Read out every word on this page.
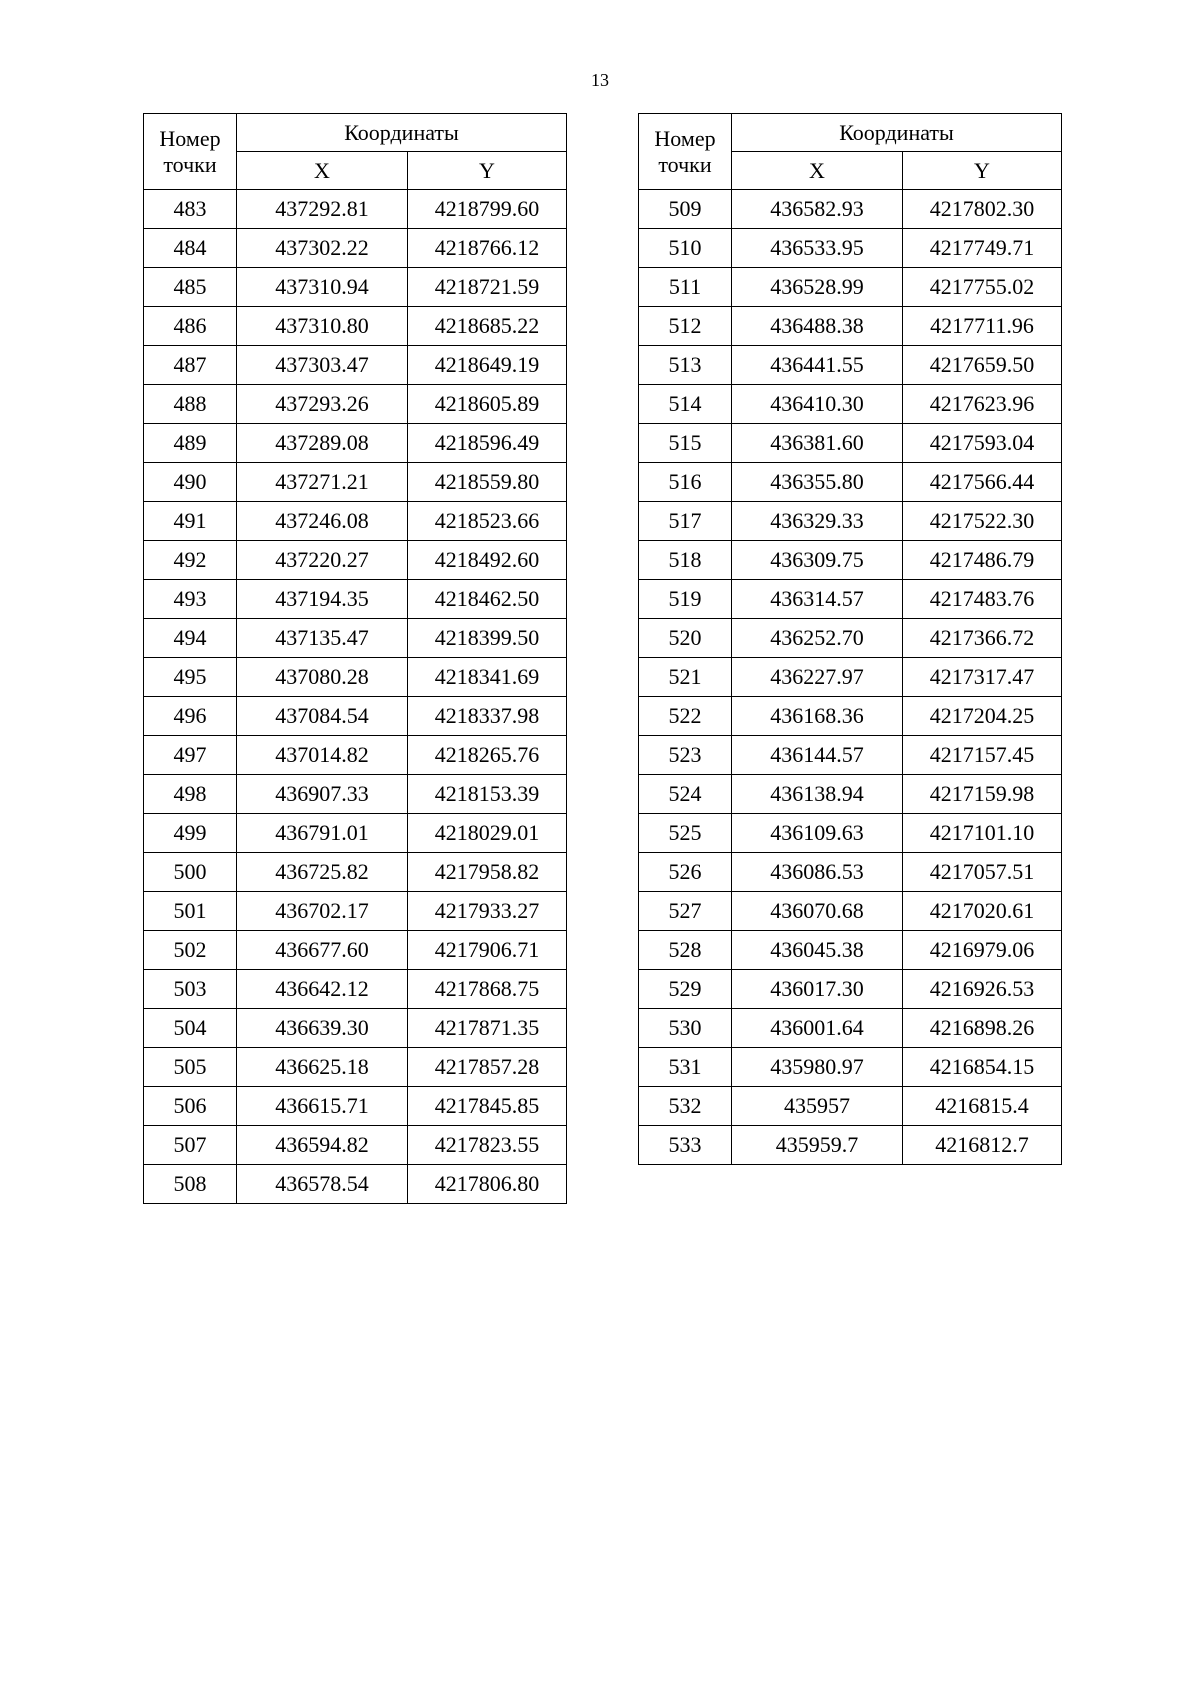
13
Номер
точки	Координаты	
	X	Y
483	437292.81	4218799.60
484	437302.22	4218766.12
485	437310.94	4218721.59
486	437310.80	4218685.22
487	437303.47	4218649.19
488	437293.26	4218605.89
489	437289.08	4218596.49
490	437271.21	4218559.80
491	437246.08	4218523.66
492	437220.27	4218492.60
493	437194.35	4218462.50
494	437135.47	4218399.50
495	437080.28	4218341.69
496	437084.54	4218337.98
497	437014.82	4218265.76
498	436907.33	4218153.39
499	436791.01	4218029.01
500	436725.82	4217958.82
501	436702.17	4217933.27
502	436677.60	4217906.71
503	436642.12	4217868.75
504	436639.30	4217871.35
505	436625.18	4217857.28
506	436615.71	4217845.85
507	436594.82	4217823.55
508	436578.54	4217806.80
Номер
точки	Координаты	
	X	Y
509	436582.93	4217802.30
510	436533.95	4217749.71
511	436528.99	4217755.02
512	436488.38	4217711.96
513	436441.55	4217659.50
514	436410.30	4217623.96
515	436381.60	4217593.04
516	436355.80	4217566.44
517	436329.33	4217522.30
518	436309.75	4217486.79
519	436314.57	4217483.76
520	436252.70	4217366.72
521	436227.97	4217317.47
522	436168.36	4217204.25
523	436144.57	4217157.45
524	436138.94	4217159.98
525	436109.63	4217101.10
526	436086.53	4217057.51
527	436070.68	4217020.61
528	436045.38	4216979.06
529	436017.30	4216926.53
530	436001.64	4216898.26
531	435980.97	4216854.15
532	435957	4216815.4
533	435959.7	4216812.7
